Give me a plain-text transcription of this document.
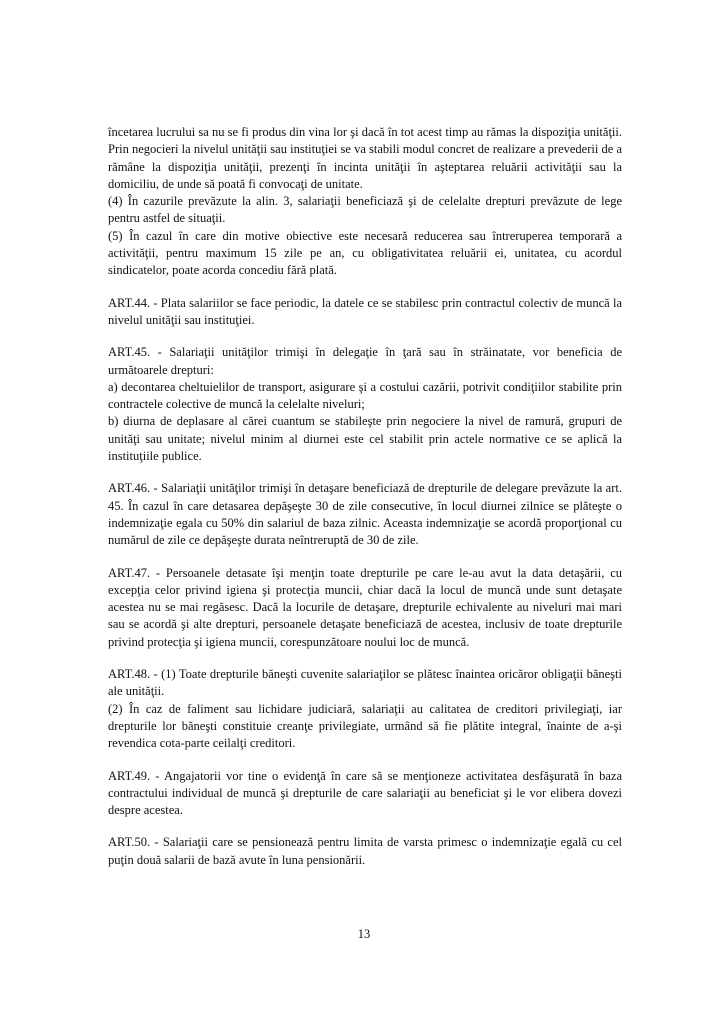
încetarea lucrului sa nu se fi produs din vina lor şi dacă în tot acest timp au rămas la dispoziţia unităţii. Prin negocieri la nivelul unităţii sau instituţiei se va stabili modul concret de realizare a prevederii de a rămâne la dispoziţia unităţii, prezenţi în incinta unităţii în aşteptarea reluării activităţii sau la domiciliu, de unde să poată fi convocaţi de unitate.
(4) În cazurile prevăzute la alin. 3, salariaţii beneficiază şi de celelalte drepturi prevăzute de lege pentru astfel de situaţii.
(5) În cazul în care din motive obiective este necesară reducerea sau întreruperea temporară a activităţii, pentru maximum 15 zile pe an, cu obligativitatea reluării ei, unitatea, cu acordul sindicatelor, poate acorda concediu fără plată.
ART.44. - Plata salariilor se face periodic, la datele ce se stabilesc prin contractul colectiv de muncă la nivelul unităţii sau instituţiei.
ART.45. - Salariaţii unităţilor trimişi în delegaţie în ţară sau în străinatate, vor beneficia de următoarele drepturi:
a) decontarea cheltuielilor de transport, asigurare şi a costului cazării, potrivit condiţiilor stabilite prin contractele colective de muncă la celelalte niveluri;
b) diurna de deplasare al cărei cuantum se stabileşte prin negociere la nivel de ramură, grupuri de unităţi sau unitate; nivelul minim al diurnei este cel stabilit prin actele normative ce se aplică la instituţiile publice.
ART.46. - Salariaţii unităţilor trimişi în detaşare beneficiază de drepturile de delegare prevăzute la art. 45. În cazul în care detasarea depăşeşte 30 de zile consecutive, în locul diurnei zilnice se plăteşte o indemnizaţie egala cu 50% din salariul de baza zilnic. Aceasta indemnizaţie se acordă proporţional cu numărul de zile ce depăşeşte durata neîntreruptă de 30 de zile.
ART.47. - Persoanele detasate îşi menţin toate drepturile pe care le-au avut la data detaşării, cu excepţia celor privind igiena şi protecţia muncii, chiar dacă la locul de muncă unde sunt detaşate acestea nu se mai regăsesc. Dacă la locurile de detaşare, drepturile echivalente au niveluri mai mari sau se acordă şi alte drepturi, persoanele detaşate beneficiază de acestea, inclusiv de toate drepturile privind protecţia şi igiena muncii, corespunzătoare noului loc de muncă.
ART.48. - (1) Toate drepturile băneşti cuvenite salariaţilor se plătesc înaintea oricăror obligaţii băneşti ale unităţii.
(2) În caz de faliment sau lichidare judiciară, salariaţii au calitatea de creditori privilegiaţi, iar drepturile lor băneşti constituie creanţe privilegiate, urmând să fie plătite integral, înainte de a-şi revendica cota-parte ceilalţi creditori.
ART.49. - Angajatorii vor tine o evidenţă în care să se menţioneze activitatea desfăşurată în baza contractului individual de muncă şi drepturile de care salariaţii au beneficiat şi le vor elibera dovezi despre acestea.
ART.50. - Salariaţii care se pensionează pentru limita de varsta primesc o indemnizaţie egală cu cel puţin două salarii de bază avute în luna pensionării.
13
